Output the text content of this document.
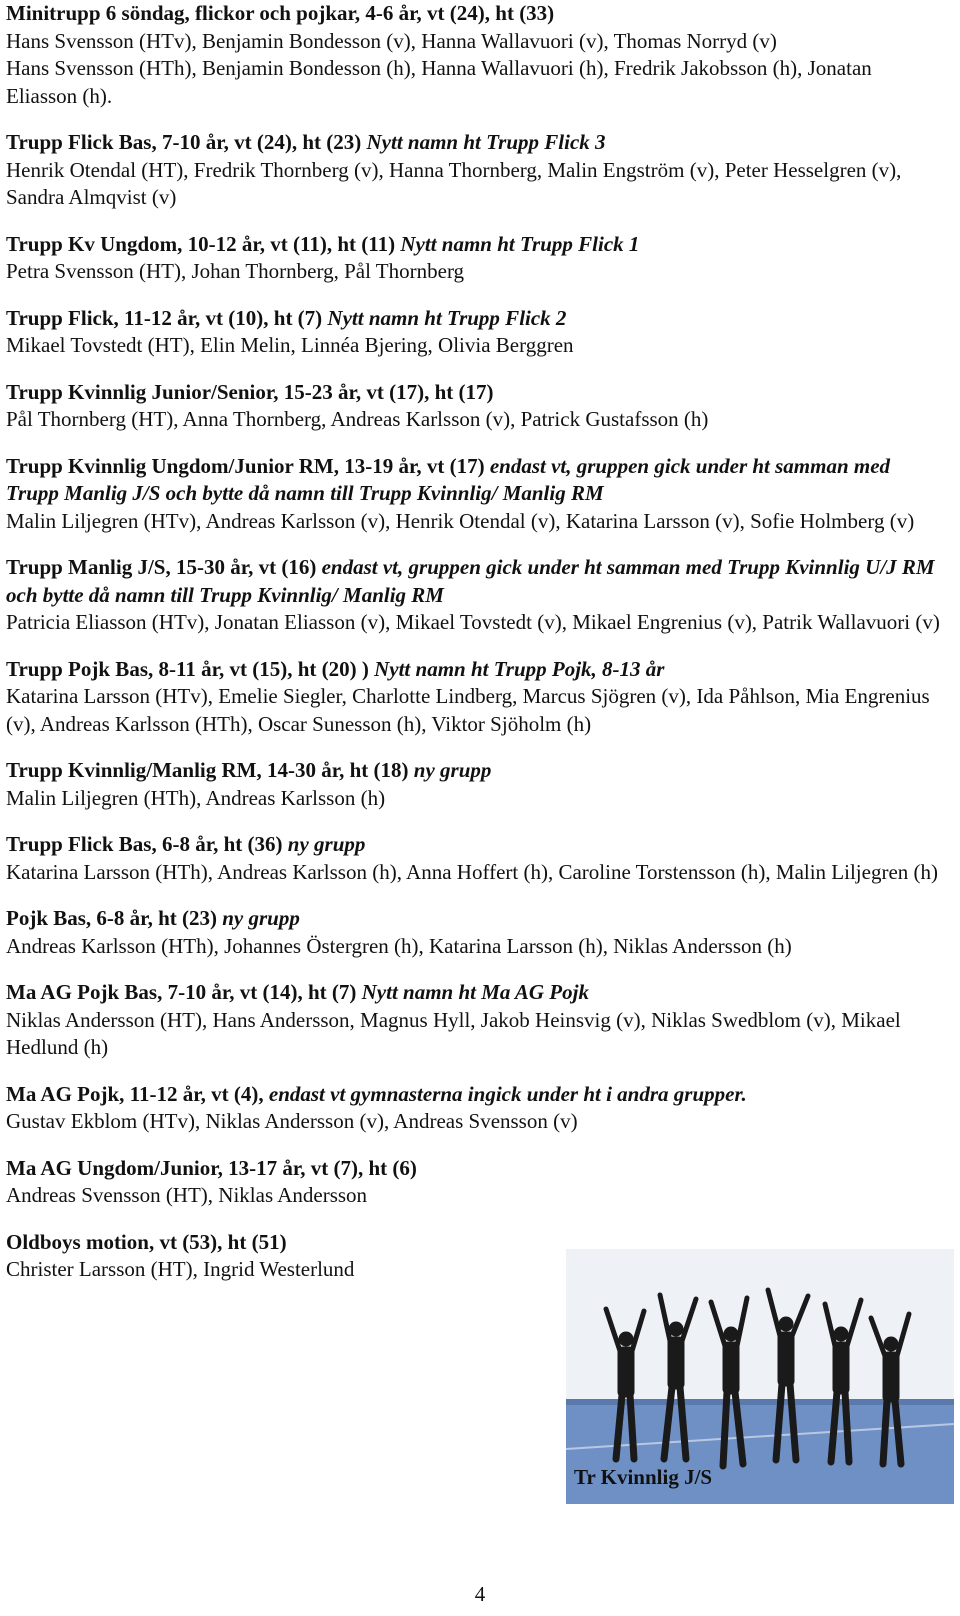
Minitrupp 6 söndag, flickor och pojkar, 4-6 år, vt (24), ht (33)
Hans Svensson (HTv), Benjamin Bondesson (v), Hanna Wallavuori (v), Thomas Norryd (v)
Hans Svensson (HTh), Benjamin Bondesson (h), Hanna Wallavuori (h), Fredrik Jakobsson (h), Jonatan Eliasson (h).
Trupp Flick Bas, 7-10 år, vt (24), ht (23) Nytt namn ht Trupp Flick 3
Henrik Otendal (HT), Fredrik Thornberg (v), Hanna Thornberg, Malin Engström (v), Peter Hesselgren (v), Sandra Almqvist (v)
Trupp Kv Ungdom, 10-12 år, vt (11), ht (11) Nytt namn ht Trupp Flick 1
Petra Svensson (HT), Johan Thornberg, Pål Thornberg
Trupp Flick, 11-12 år, vt (10), ht (7) Nytt namn ht Trupp Flick 2
Mikael Tovstedt (HT), Elin Melin, Linnéa Bjering, Olivia Berggren
Trupp Kvinnlig Junior/Senior, 15-23 år, vt (17), ht (17)
Pål Thornberg (HT), Anna Thornberg, Andreas Karlsson (v), Patrick Gustafsson (h)
Trupp Kvinnlig Ungdom/Junior RM, 13-19 år, vt (17) endast vt, gruppen gick under ht samman med Trupp Manlig J/S och bytte då namn till Trupp Kvinnlig/ Manlig RM
Malin Liljegren (HTv), Andreas Karlsson (v), Henrik Otendal (v), Katarina Larsson (v), Sofie Holmberg (v)
Trupp Manlig J/S, 15-30 år, vt (16) endast vt, gruppen gick under ht samman med Trupp Kvinnlig U/J RM och bytte då namn till Trupp Kvinnlig/ Manlig RM
Patricia Eliasson (HTv), Jonatan Eliasson (v), Mikael Tovstedt (v), Mikael Engrenius (v), Patrik Wallavuori (v)
Trupp Pojk Bas, 8-11 år, vt (15), ht (20) ) Nytt namn ht Trupp Pojk, 8-13 år
Katarina Larsson (HTv), Emelie Siegler, Charlotte Lindberg, Marcus Sjögren (v), Ida Påhlson, Mia Engrenius (v), Andreas Karlsson (HTh), Oscar Sunesson (h), Viktor Sjöholm (h)
Trupp Kvinnlig/Manlig RM, 14-30 år, ht (18) ny grupp
Malin Liljegren (HTh), Andreas Karlsson (h)
Trupp Flick Bas, 6-8 år, ht (36) ny grupp
Katarina Larsson (HTh), Andreas Karlsson (h), Anna Hoffert (h), Caroline Torstensson (h), Malin Liljegren (h)
Pojk Bas, 6-8 år, ht (23) ny grupp
Andreas Karlsson (HTh), Johannes Östergren (h), Katarina Larsson (h), Niklas Andersson (h)
Ma AG Pojk Bas, 7-10 år, vt (14), ht (7) Nytt namn ht Ma AG Pojk
Niklas Andersson (HT), Hans Andersson, Magnus Hyll, Jakob Heinsvig (v), Niklas Swedblom (v), Mikael Hedlund (h)
Ma AG Pojk, 11-12 år, vt (4), endast vt gymnasterna ingick under ht i andra grupper.
Gustav Ekblom (HTv), Niklas Andersson (v), Andreas Svensson (v)
Ma AG Ungdom/Junior, 13-17 år, vt (7), ht (6)
Andreas Svensson (HT), Niklas Andersson
Oldboys motion, vt (53), ht (51)
Christer Larsson (HT), Ingrid Westerlund
Tr Kvinnlig J/S
4
